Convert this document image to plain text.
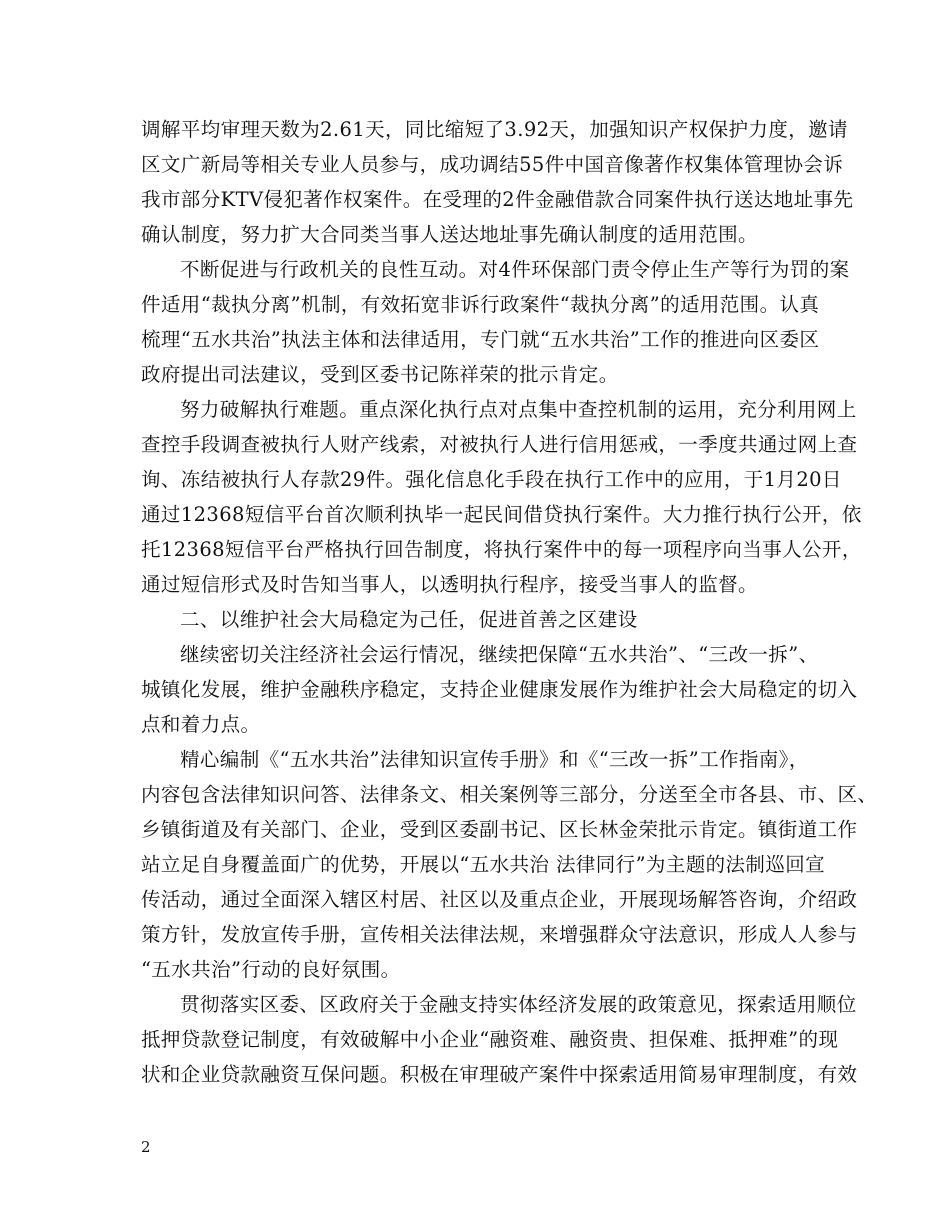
调解平均审理天数为2.61天，同比缩短了3.92天，加强知识产权保护力度，邀请
区文广新局等相关专业人员参与，成功调结55件中国音像著作权集体管理协会诉
我市部分KTV侵犯著作权案件。在受理的2件金融借款合同案件执行送达地址事先
确认制度，努力扩大合同类当事人送达地址事先确认制度的适用范围。
不断促进与行政机关的良性互动。对4件环保部门责令停止生产等行为罚的案
件适用“裁执分离”机制，有效拓宽非诉行政案件“裁执分离”的适用范围。认真
梳理“五水共治”执法主体和法律适用，专门就“五水共治”工作的推进向区委区
政府提出司法建议，受到区委书记陈祥荣的批示肯定。
努力破解执行难题。重点深化执行点对点集中查控机制的运用，充分利用网上
查控手段调查被执行人财产线索，对被执行人进行信用惩戒，一季度共通过网上查
询、冻结被执行人存款29件。强化信息化手段在执行工作中的应用，于1月20日
通过12368短信平台首次顺利执毕一起民间借贷执行案件。大力推行执行公开，依
托12368短信平台严格执行回告制度，将执行案件中的每一项程序向当事人公开，
通过短信形式及时告知当事人，以透明执行程序，接受当事人的监督。
二、以维护社会大局稳定为己任，促进首善之区建设
继续密切关注经济社会运行情况，继续把保障“五水共治”、“三改一拆”、
城镇化发展，维护金融秩序稳定，支持企业健康发展作为维护社会大局稳定的切入
点和着力点。
精心编制《“五水共治”法律知识宣传手册》和《“三改一拆”工作指南》，
内容包含法律知识问答、法律条文、相关案例等三部分，分送至全市各县、市、区、
乡镇街道及有关部门、企业，受到区委副书记、区长林金荣批示肯定。镇街道工作
站立足自身覆盖面广的优势，开展以“五水共治 法律同行”为主题的法制巡回宣
传活动，通过全面深入辖区村居、社区以及重点企业，开展现场解答咨询，介绍政
策方针，发放宣传手册，宣传相关法律法规，来增强群众守法意识，形成人人参与
“五水共治”行动的良好氛围。
贯彻落实区委、区政府关于金融支持实体经济发展的政策意见，探索适用顺位
抵押贷款登记制度，有效破解中小企业“融资难、融资贵、担保难、抵押难”的现
状和企业贷款融资互保问题。积极在审理破产案件中探索适用简易审理制度，有效
2
